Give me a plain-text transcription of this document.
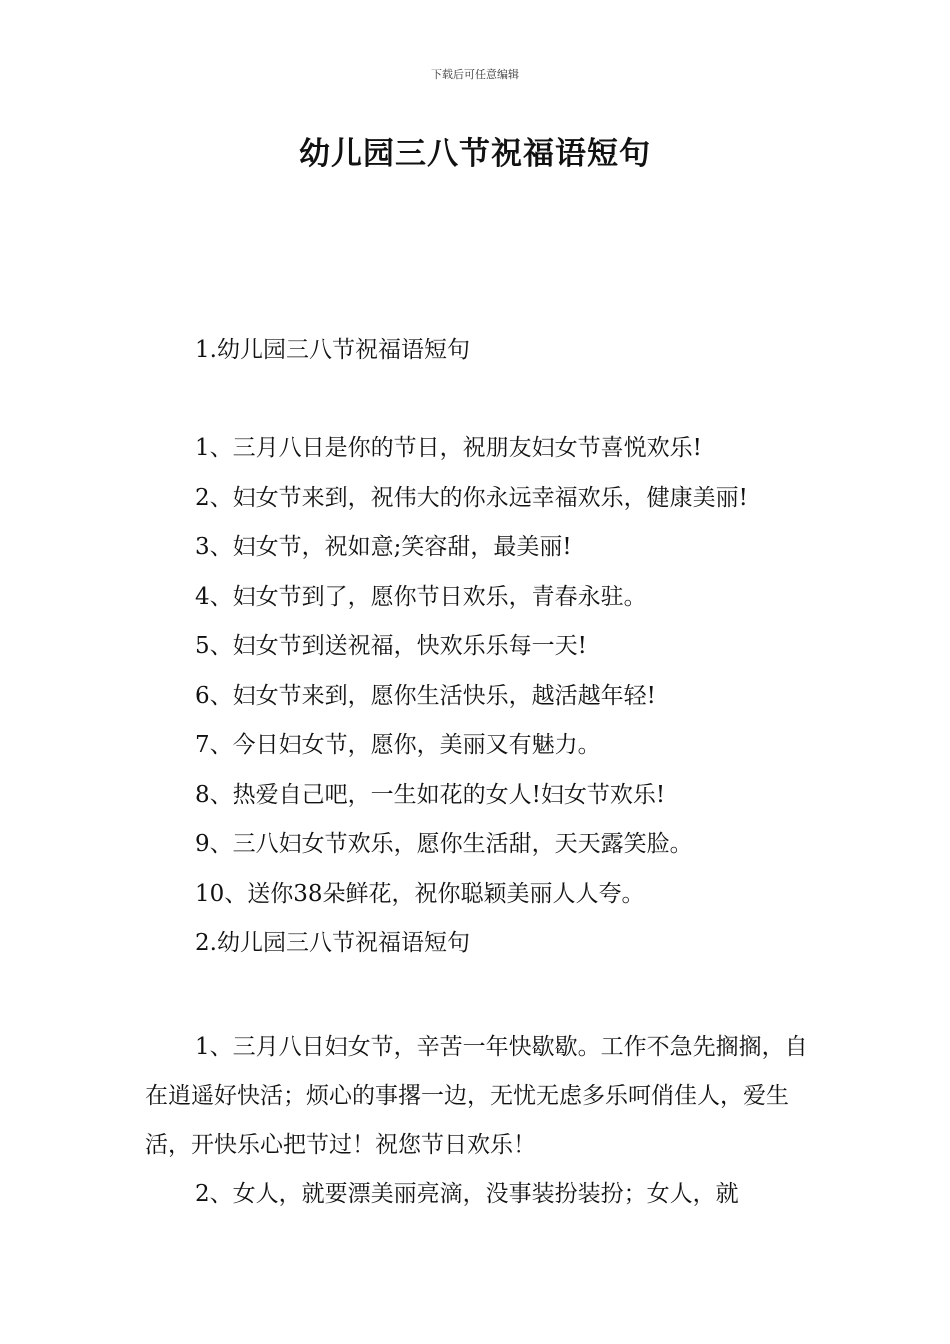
下载后可任意编辑
幼儿园三八节祝福语短句
1.幼儿园三八节祝福语短句
1、三月八日是你的节日，祝朋友妇女节喜悦欢乐!
2、妇女节来到，祝伟大的你永远幸福欢乐，健康美丽!
3、妇女节，祝如意;笑容甜，最美丽!
4、妇女节到了，愿你节日欢乐，青春永驻。
5、妇女节到送祝福，快欢乐乐每一天!
6、妇女节来到，愿你生活快乐，越活越年轻!
7、今日妇女节，愿你，美丽又有魅力。
8、热爱自己吧，一生如花的女人!妇女节欢乐!
9、三八妇女节欢乐，愿你生活甜，天天露笑脸。
10、送你38朵鲜花，祝你聪颖美丽人人夸。
2.幼儿园三八节祝福语短句

1、三月八日妇女节，辛苦一年快歇歇。工作不急先搁搁，自在逍遥好快活；烦心的事撂一边，无忧无虑多乐呵俏佳人，爱生活，开快乐心把节过！祝您节日欢乐！

2、女人，就要漂美丽亮滴，没事装扮装扮；女人，就
